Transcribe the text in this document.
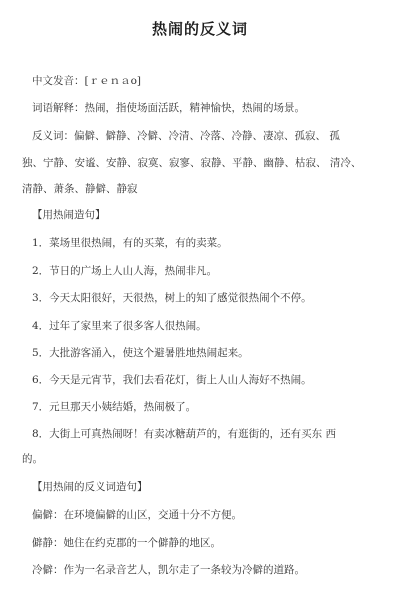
热闹的反义词
中文发音：[ｒｅｎａo]
词语解释：热闹，指使场面活跃，精神愉快，热闹的场景。
反义词：偏僻、僻静、冷僻、冷清、冷落、冷静、凄凉、孤寂、 孤
独、宁静、安谧、安静、寂寞、寂寥、寂静、平静、幽静、枯寂、 清冷、
清静、萧条、静僻、静寂
【用热闹造句】
1．菜场里很热闹，有的买菜，有的卖菜。
2．节日的广场上人山人海，热闹非凡。
3．今天太阳很好，天很热，树上的知了感觉很热闹个不停。
4．过年了家里来了很多客人很热闹。
5．大批游客涌入，使这个避暑胜地热闹起来。
6．今天是元宵节，我们去看花灯，街上人山人海好不热闹。
7．元旦那天小姨结婚，热闹极了。
8．大街上可真热闹呀！有卖冰糖葫芦的，有逛街的，还有买东 西
的。
【用热闹的反义词造句】
偏僻：在环境偏僻的山区，交通十分不方便。
僻静：她住在约克郡的一个僻静的地区。
冷僻：作为一名录音艺人，凯尔走了一条较为冷僻的道路。
